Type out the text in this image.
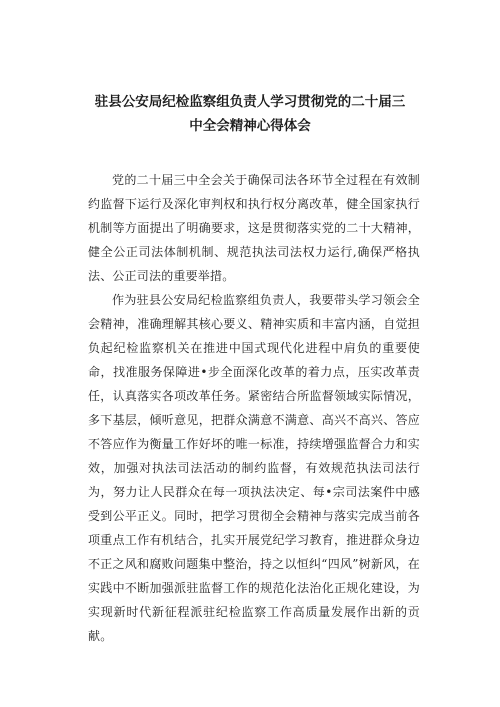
驻县公安局纪检监察组负责人学习贯彻党的二十届三
中全会精神心得体会

党的二十届三中全会关于确保司法各环节全过程在有效制约监督下运行及深化审判权和执行权分离改革，健全国家执行机制等方面提出了明确要求，这是贯彻落实党的二十大精神，健全公正司法体制机制、规范执法司法权力运行,确保严格执法、公正司法的重要举措。

作为驻县公安局纪检监察组负责人，我要带头学习领会全会精神，准确理解其核心要义、精神实质和丰富内涵，自觉担负起纪检监察机关在推进中国式现代化进程中肩负的重要使命，找准服务保障进•步全面深化改革的着力点，压实改革责任，认真落实各项改革任务。紧密结合所监督领域实际情况，多下基层，倾听意见，把群众满意不满意、高兴不高兴、答应不答应作为衡量工作好坏的唯一标准，持续增强监督合力和实效，加强对执法司法活动的制约监督，有效规范执法司法行为，努力让人民群众在每一项执法决定、每•宗司法案件中感受到公平正义。同时，把学习贯彻全会精神与落实完成当前各项重点工作有机结合，扎实开展党纪学习教育，推进群众身边不正之风和腐败问题集中整治，持之以恒纠“四风”树新风，在实践中不断加强派驻监督工作的规范化法治化正规化建设，为实现新时代新征程派驻纪检监察工作高质量发展作出新的贡献。
